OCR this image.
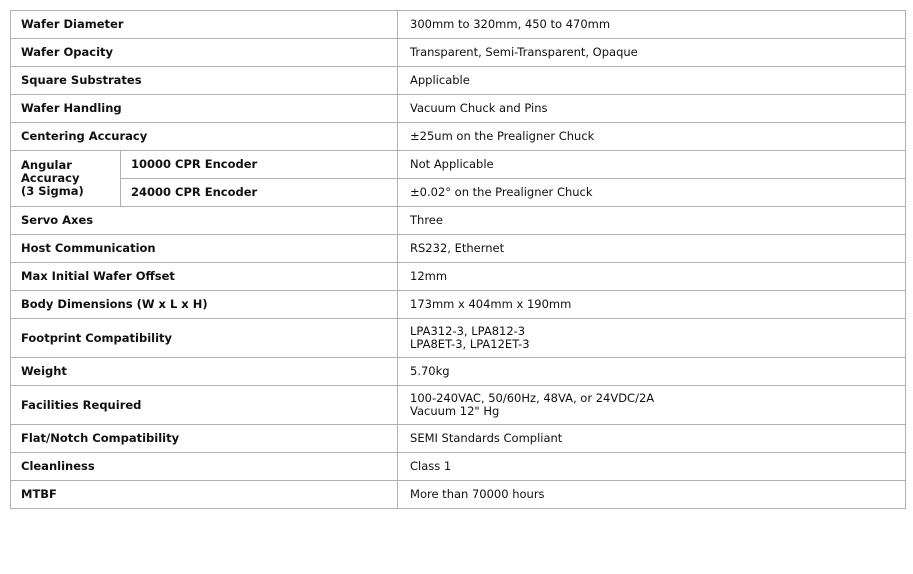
Wafer Diameter		300mm to 320mm, 450 to 470mm
Wafer Opacity		Transparent, Semi-Transparent, Opaque
Square Substrates		Applicable
Wafer Handling		Vacuum Chuck and Pins
Centering Accuracy		±25um on the Prealigner Chuck
Angular
Accuracy
(3 Sigma)	10000 CPR Encoder	Not Applicable
	24000 CPR Encoder	±0.02° on the Prealigner Chuck
Servo Axes		Three
Host Communication		RS232, Ethernet
Max Initial Wafer Offset		12mm
Body Dimensions (W x L x H)		173mm x 404mm x 190mm
Footprint Compatibility		LPA312-3, LPA812-3
LPA8ET-3, LPA12ET-3
Weight		5.70kg
Facilities Required		100-240VAC, 50/60Hz, 48VA, or 24VDC/2A
Vacuum 12" Hg
Flat/Notch Compatibility		SEMI Standards Compliant
Cleanliness		Class 1
MTBF		More than 70000 hours
